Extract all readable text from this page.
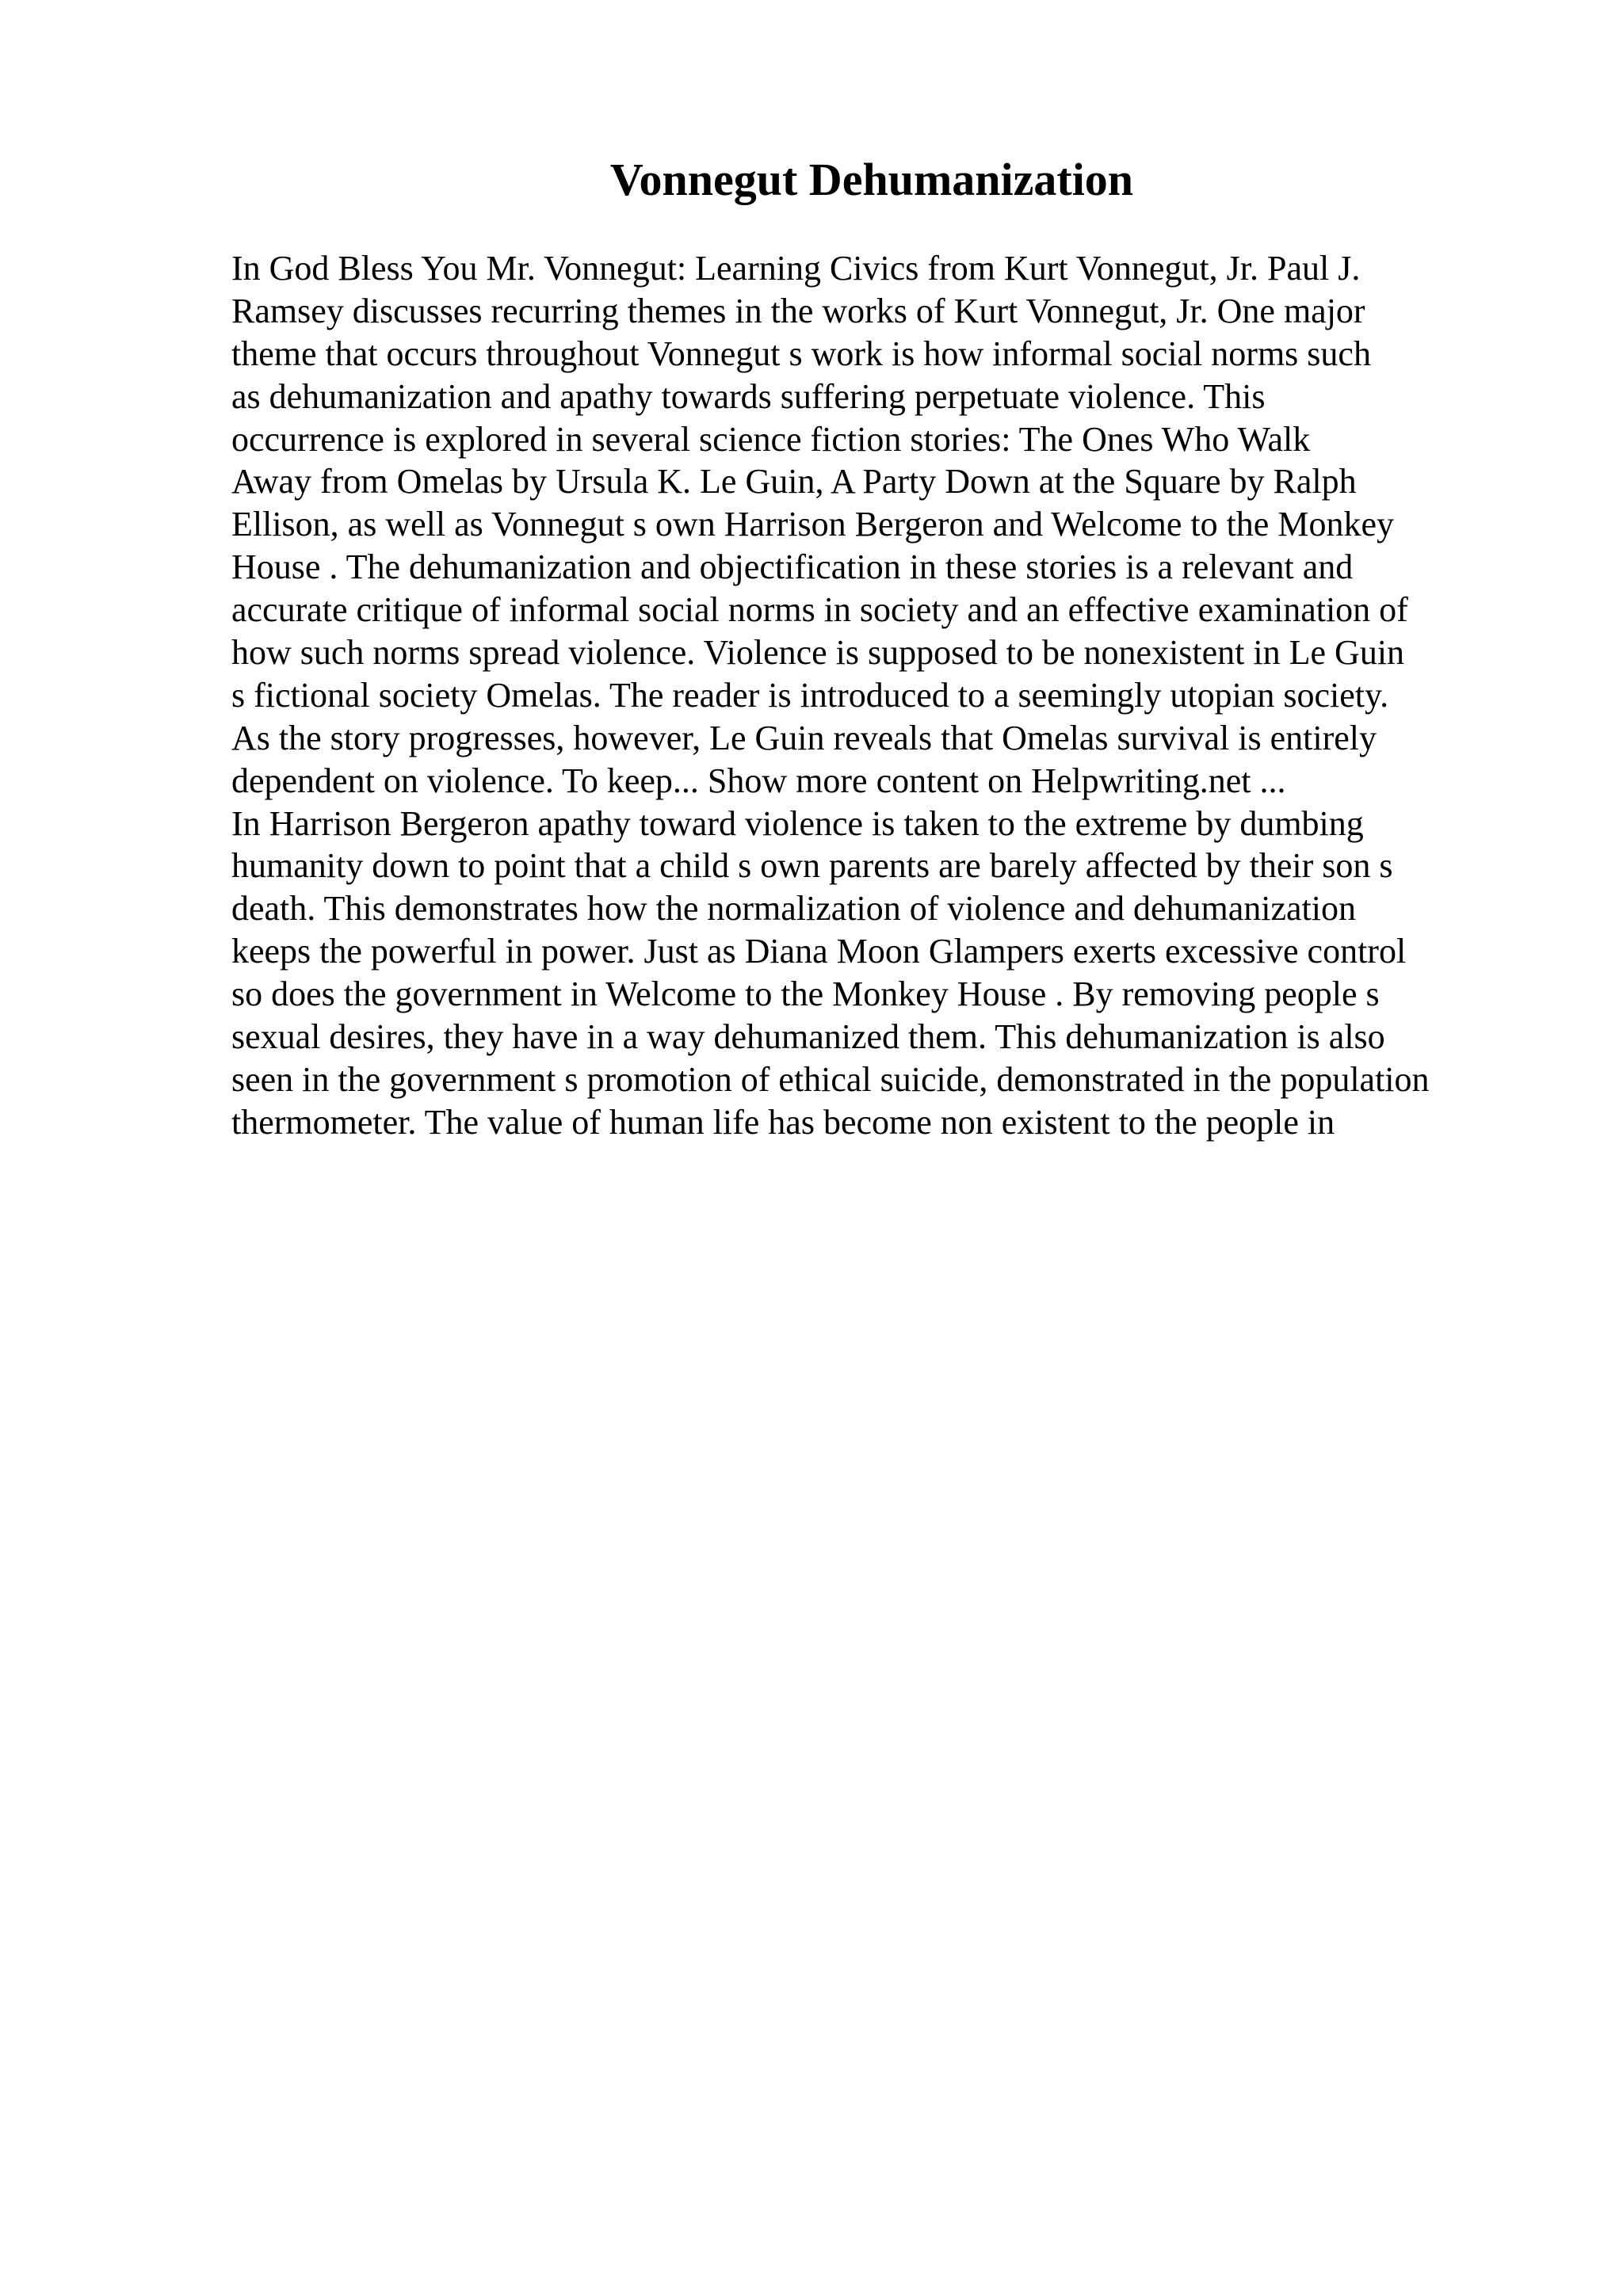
Vonnegut Dehumanization
In God Bless You Mr. Vonnegut: Learning Civics from Kurt Vonnegut, Jr. Paul J.
Ramsey discusses recurring themes in the works of Kurt Vonnegut, Jr. One major
theme that occurs throughout Vonnegut s work is how informal social norms such
as dehumanization and apathy towards suffering perpetuate violence. This
occurrence is explored in several science fiction stories: The Ones Who Walk
Away from Omelas by Ursula K. Le Guin, A Party Down at the Square by Ralph
Ellison, as well as Vonnegut s own Harrison Bergeron and Welcome to the Monkey
House . The dehumanization and objectification in these stories is a relevant and
accurate critique of informal social norms in society and an effective examination of
how such norms spread violence. Violence is supposed to be nonexistent in Le Guin
s fictional society Omelas. The reader is introduced to a seemingly utopian society.
As the story progresses, however, Le Guin reveals that Omelas survival is entirely
dependent on violence. To keep... Show more content on Helpwriting.net ...
In Harrison Bergeron apathy toward violence is taken to the extreme by dumbing
humanity down to point that a child s own parents are barely affected by their son s
death. This demonstrates how the normalization of violence and dehumanization
keeps the powerful in power. Just as Diana Moon Glampers exerts excessive control
so does the government in Welcome to the Monkey House . By removing people s
sexual desires, they have in a way dehumanized them. This dehumanization is also
seen in the government s promotion of ethical suicide, demonstrated in the population
thermometer. The value of human life has become non existent to the people in
